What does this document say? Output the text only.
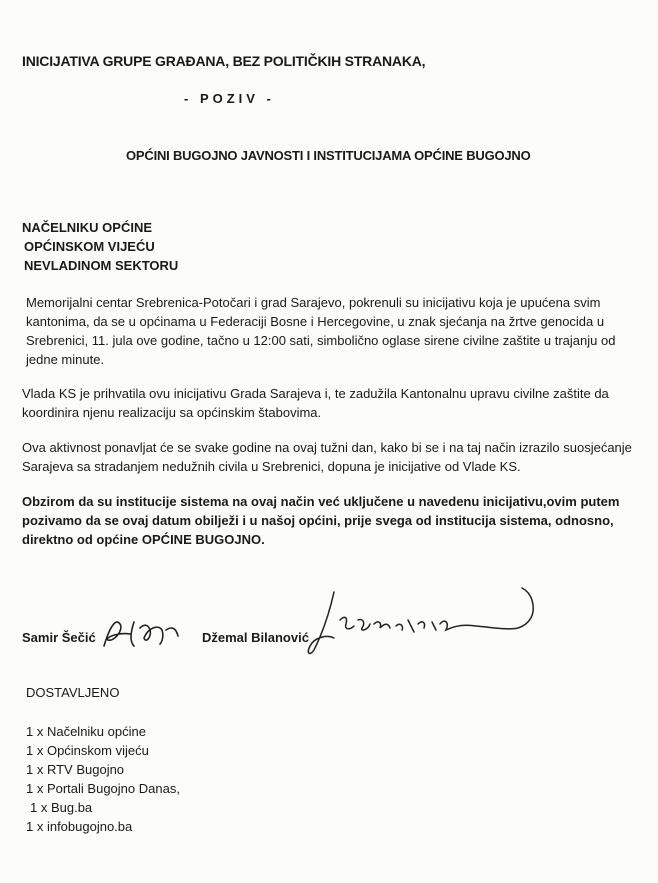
INICIJATIVA GRUPE GRAĐANA, BEZ POLITIČKIH STRANAKA,
- POZIV -
OPĆINI BUGOJNO JAVNOSTI I INSTITUCIJAMA OPĆINE BUGOJNO
NAČELNIKU OPĆINE
OPĆINSKOM VIJEĆU
NEVLADINOM SEKTORU
Memorijalni centar Srebrenica-Potočari i grad Sarajevo, pokrenuli su inicijativu koja je upućena svim kantonima, da se u općinama u Federaciji Bosne i Hercegovine, u znak sjećanja na žrtve genocida u Srebrenici, 11. jula ove godine, tačno u 12:00 sati, simbolično oglase sirene civilne zaštite u trajanju od jedne minute.
Vlada KS je prihvatila ovu inicijativu Grada Sarajeva i, te zadužila Kantonalnu upravu civilne zaštite da koordinira njenu realizaciju sa općinskim štabovima.
Ova aktivnost ponavljat će se svake godine na ovaj tužni dan, kako bi se i na taj način izrazilo suosjećanje Sarajeva sa stradanjem nedužnih civila u Srebrenici, dopuna je inicijative od Vlade KS.
Obzirom da su institucije sistema na ovaj način već uključene u navedenu inicijativu,ovim putem pozivamo da se ovaj datum obilježi i u našoj općini, prije svega od institucija sistema, odnosno, direktno od općine OPĆINE BUGOJNO.
Samir Šečić	Džemal Bilanović
DOSTAVLJENO
1 x Načelniku općine
1 x Općinskom vijeću
1 x RTV Bugojno
1 x Portali Bugojno Danas,
1 x Bug.ba
1 x infobugojno.ba
